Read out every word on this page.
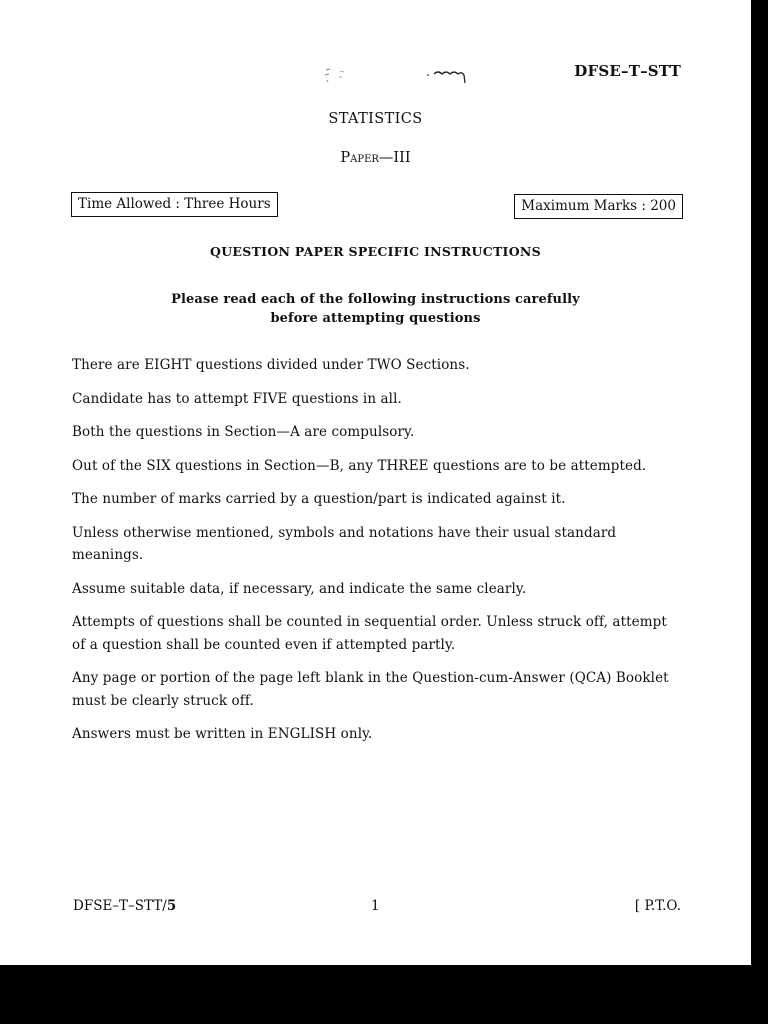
DFSE–T–STT
STATISTICS
Paper—III
Time Allowed : Three Hours	Maximum Marks : 200
QUESTION PAPER SPECIFIC INSTRUCTIONS
Please read each of the following instructions carefully
before attempting questions

There are EIGHT questions divided under TWO Sections.

Candidate has to attempt FIVE questions in all.

Both the questions in Section—A are compulsory.

Out of the SIX questions in Section—B, any THREE questions are to be attempted.

The number of marks carried by a question/part is indicated against it.

Unless otherwise mentioned, symbols and notations have their usual standard meanings.

Assume suitable data, if necessary, and indicate the same clearly.

Attempts of questions shall be counted in sequential order. Unless struck off, attempt of a question shall be counted even if attempted partly.

Any page or portion of the page left blank in the Question-cum-Answer (QCA) Booklet must be clearly struck off.

Answers must be written in ENGLISH only.

DFSE–T–STT/5	1	[ P.T.O.
